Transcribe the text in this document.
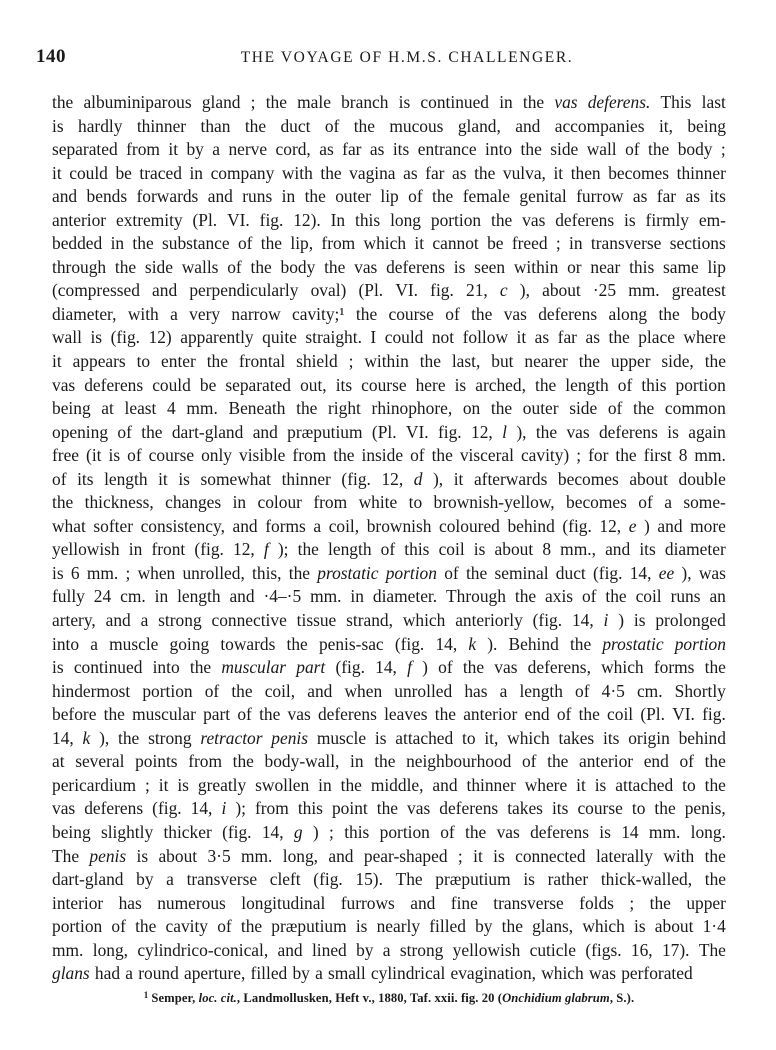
140	THE VOYAGE OF H.M.S. CHALLENGER.
the albuminiparous gland ; the male branch is continued in the vas deferens. This last
is hardly thinner than the duct of the mucous gland, and accompanies it, being
separated from it by a nerve cord, as far as its entrance into the side wall of the body ;
it could be traced in company with the vagina as far as the vulva, it then becomes thinner
and bends forwards and runs in the outer lip of the female genital furrow as far as its
anterior extremity (Pl. VI. fig. 12). In this long portion the vas deferens is firmly em-
bedded in the substance of the lip, from which it cannot be freed ; in transverse sections
through the side walls of the body the vas deferens is seen within or near this same lip
(compressed and perpendicularly oval) (Pl. VI. fig. 21, c ), about ·25 mm. greatest
diameter, with a very narrow cavity;¹ the course of the vas deferens along the body
wall is (fig. 12) apparently quite straight. I could not follow it as far as the place where
it appears to enter the frontal shield ; within the last, but nearer the upper side, the
vas deferens could be separated out, its course here is arched, the length of this portion
being at least 4 mm. Beneath the right rhinophore, on the outer side of the common
opening of the dart-gland and præputium (Pl. VI. fig. 12, l ), the vas deferens is again
free (it is of course only visible from the inside of the visceral cavity) ; for the first 8 mm.
of its length it is somewhat thinner (fig. 12, d ), it afterwards becomes about double
the thickness, changes in colour from white to brownish-yellow, becomes of a some-
what softer consistency, and forms a coil, brownish coloured behind (fig. 12, e ) and more
yellowish in front (fig. 12, f ); the length of this coil is about 8 mm., and its diameter
is 6 mm. ; when unrolled, this, the prostatic portion of the seminal duct (fig. 14, ee ), was
fully 24 cm. in length and ·4–·5 mm. in diameter. Through the axis of the coil runs an
artery, and a strong connective tissue strand, which anteriorly (fig. 14, i ) is prolonged
into a muscle going towards the penis-sac (fig. 14, k ). Behind the prostatic portion
is continued into the muscular part (fig. 14, f ) of the vas deferens, which forms the
hindermost portion of the coil, and when unrolled has a length of 4·5 cm. Shortly
before the muscular part of the vas deferens leaves the anterior end of the coil (Pl. VI. fig.
14, k ), the strong retractor penis muscle is attached to it, which takes its origin behind
at several points from the body-wall, in the neighbourhood of the anterior end of the
pericardium ; it is greatly swollen in the middle, and thinner where it is attached to the
vas deferens (fig. 14, i ); from this point the vas deferens takes its course to the penis,
being slightly thicker (fig. 14, g ) ; this portion of the vas deferens is 14 mm. long.
The penis is about 3·5 mm. long, and pear-shaped ; it is connected laterally with the
dart-gland by a transverse cleft (fig. 15). The præputium is rather thick-walled, the
interior has numerous longitudinal furrows and fine transverse folds ; the upper
portion of the cavity of the præputium is nearly filled by the glans, which is about 1·4
mm. long, cylindrico-conical, and lined by a strong yellowish cuticle (figs. 16, 17). The
glans had a round aperture, filled by a small cylindrical evagination, which was perforated
$^1$ Semper, loc. cit., Landmollusken, Heft v., 1880, Taf. xxii. fig. 20 (Onchidium glabrum, S.).
